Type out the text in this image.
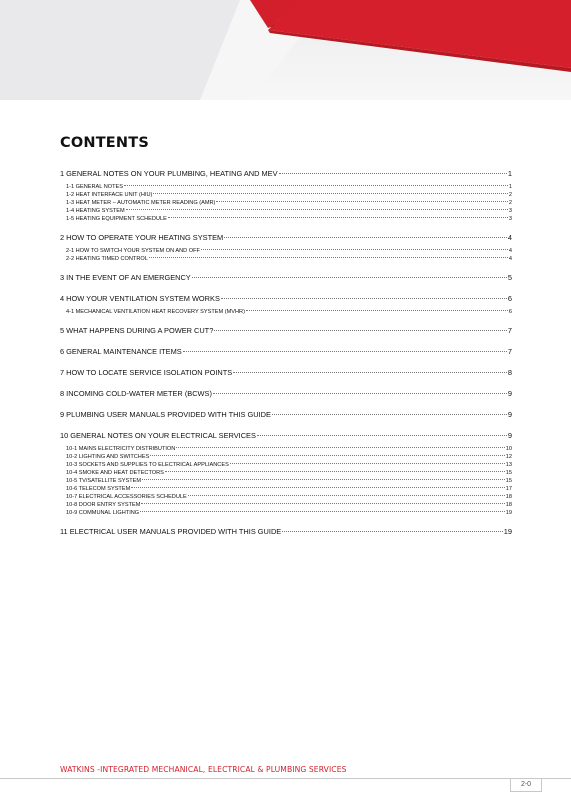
CONTENTS
1 GENERAL NOTES ON YOUR PLUMBING, HEATING AND MEV	1
1-1 GENERAL NOTES	1
1-2 HEAT INTERFACE UNIT (HIU)	2
1-3 HEAT METER – AUTOMATIC METER READING (AMR)	2
1-4 HEATING SYSTEM	3
1-5 HEATING EQUIPMENT SCHEDULE	3
2 HOW TO OPERATE YOUR HEATING SYSTEM	4
2-1 HOW TO SWITCH YOUR SYSTEM ON AND OFF	4
2-2 HEATING TIMED CONTROL	4
3 IN THE EVENT OF AN EMERGENCY	5
4 HOW YOUR VENTILATION SYSTEM WORKS	6
4-1 MECHANICAL VENTILATION HEAT RECOVERY SYSTEM (MVHR)	6
5 WHAT HAPPENS DURING A POWER CUT?	7
6 GENERAL MAINTENANCE ITEMS	7
7 HOW TO LOCATE SERVICE ISOLATION POINTS	8
8 INCOMING COLD-WATER METER (BCWS)	9
9 PLUMBING USER MANUALS PROVIDED WITH THIS GUIDE	9
10 GENERAL NOTES ON YOUR ELECTRICAL SERVICES	9
10-1 MAINS ELECTRICITY DISTRIBUTION	10
10-2 LIGHTING AND SWITCHES	12
10-3 SOCKETS AND SUPPLIES TO ELECTRICAL APPLIANCES	13
10-4 SMOKE AND HEAT DETECTORS	15
10-5 TV/SATELLITE SYSTEM	15
10-6 TELECOM SYSTEM	17
10-7 ELECTRICAL ACCESSORIES SCHEDULE	18
10-8 DOOR ENTRY SYSTEM	18
10-9 COMMUNAL LIGHTING	19
11 ELECTRICAL USER MANUALS PROVIDED WITH THIS GUIDE	19
WATKINS -INTEGRATED MECHANICAL, ELECTRICAL & PLUMBING SERVICES
2-0
